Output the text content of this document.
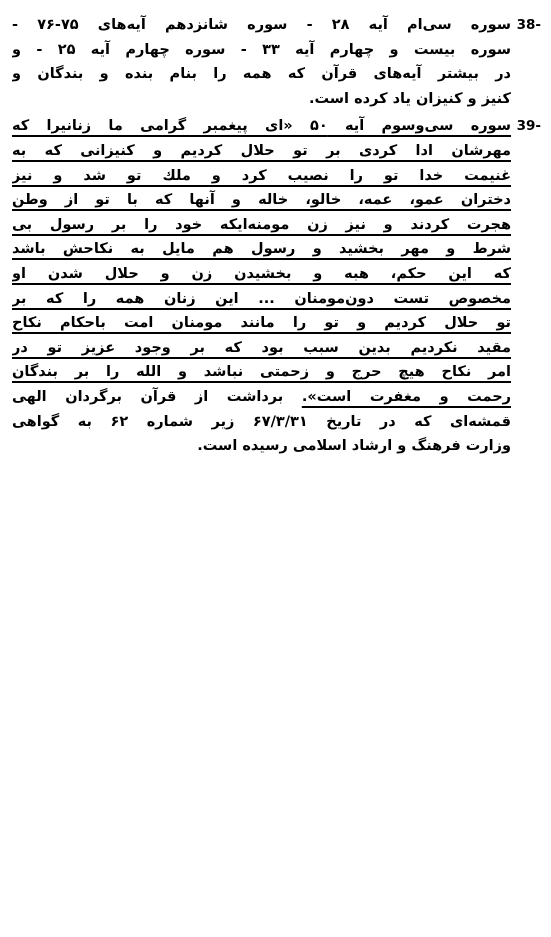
38-
سوره سی‌ام آیه ۲۸ - سوره شانزدهم آیه‌های ۷۵-۷۶ -
سوره بیست و چهارم آیه ۳۳ - سوره چهارم آیه ۲۵ - و
در بیشتر آیه‌های قرآن که همه را بنام بنده و بندگان و
کنیز و کنیزان یاد کرده است.
39-
سوره سی‌وسوم آیه ۵۰ «ای پیغمبر گرامی ما زنانیرا که
مهرشان ادا کردی بر تو حلال کردیم و کنیزانی که به
غنیمت خدا تو را نصیب کرد و ملك تو شد و نیز
دختران عمو، عمه، خالو، خاله و آنها که با تو از وطن
هجرت کردند و نیز زن مومنه‌ایکه خود را بر رسول بی
شرط و مهر بخشید و رسول هم مایل به نکاحش باشد
که این حکم، هبه و بخشیدن زن و حلال شدن او
مخصوص تست دون‌مومنان ... این زنان همه را که بر
تو حلال کردیم و تو را مانند مومنان امت باحکام نکاح
مقید نکردیم بدین سبب بود که بر وجود عزیز تو در
امر نکاح هیچ حرج و زحمتی نباشد و الله را بر بندگان
رحمت و مغفرت است». برداشت از قرآن برگردان الهی
قمشه‌ای که در تاریخ ۶۷/۳/۳۱ زیر شماره ۶۲ به گواهی
وزارت فرهنگ و ارشاد اسلامی رسیده است.
